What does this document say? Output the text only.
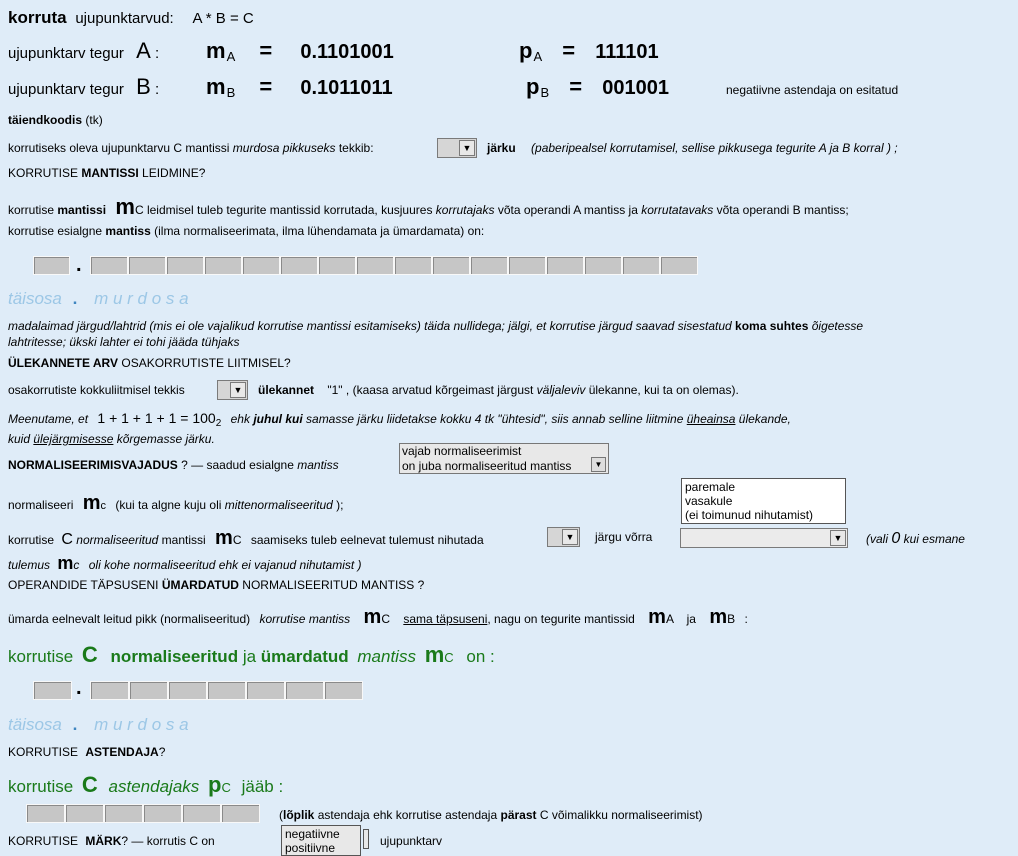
korruta ujupunktarvud: A * B = C
ujupunktarv tegur A : $m_A = 0.1101001$	$p_A = 111101$
ujupunktarv tegur B : $m_B = 0.1011011$	$p_B = 001001$	negatiivne astendaja on esitatud
täiendkoodis (tk)
korrutiseks oleva ujupunktarvu C mantissi murdosa pikkuseks tekkib:	▼ järku (paberipealsel korrutamisel, sellise pikkusega tegurite A ja B korral ) ;
KORRUTISE MANTISSI LEIDMINE?
korrutise mantissi mC leidmisel tuleb tegurite mantissid korrutada, kusjuures korrutajaks võta operandi A mantiss ja korrutatavaks võta operandi B mantiss;
korrutise esialgne mantiss (ilma normaliseerimata, ilma lühendamata ja ümardamata) on:
.
täisosa . m u r d o s a
madalaimad järgud/lahtrid (mis ei ole vajalikud korrutise mantissi esitamiseks) täida nullidega; jälgi, et korrutise järgud saavad sisestatud koma suhtes õigetesse
lahtritesse; ükski lahter ei tohi jääda tühjaks
ÜLEKANNETE ARV OSAKORRUTISTE LIITMISEL?
osakorrutiste kokkuliitmisel tekkis	▼ ülekannet "1" , (kaasa arvatud kõrgeimast järgust väljaleviv ülekanne, kui ta on olemas).
Meenutame, et $1 + 1 + 1 + 1 = 100_2$ ehk juhul kui samasse järku liidetakse kokku 4 tk "ühtesid", siis annab selline liitmine üheainsa ülekande,
kuid ülejärgmisesse kõrgemasse järku.
NORMALISEERIMISVAJADUS ? — saadud esialgne mantiss
vajab normaliseerimist
on juba normaliseeritud mantiss	▼
normaliseeri mc (kui ta algne kuju oli mittenormaliseeritud );
paremale
vasakule
(ei toimunud nihutamist)
korrutise C normaliseeritud mantissi mC saamiseks tuleb eelnevat tulemust nihutada	▼ järgu võrra	▼ (vali 0 kui esmane
tulemus mc oli kohe normaliseeritud ehk ei vajanud nihutamist )
OPERANDIDE TÄPSUSENI ÜMARDATUD NORMALISEERITUD MANTISS ?
ümarda eelnevalt leitud pikk (normaliseeritud) korrutise mantiss mC sama täpsuseni, nagu on tegurite mantissid mA ja mB :
korrutise C normaliseeritud ja ümardatud mantiss mC on :
.
täisosa . m u r d o s a
KORRUTISE ASTENDAJA?
korrutise C astendajaks pC jääb :
(lõplik astendaja ehk korrutise astendaja pärast C võimalikku normaliseerimist)
KORRUTISE MÄRK? — korrutis C on	negatiivne
positiivne	ujupunktarv
